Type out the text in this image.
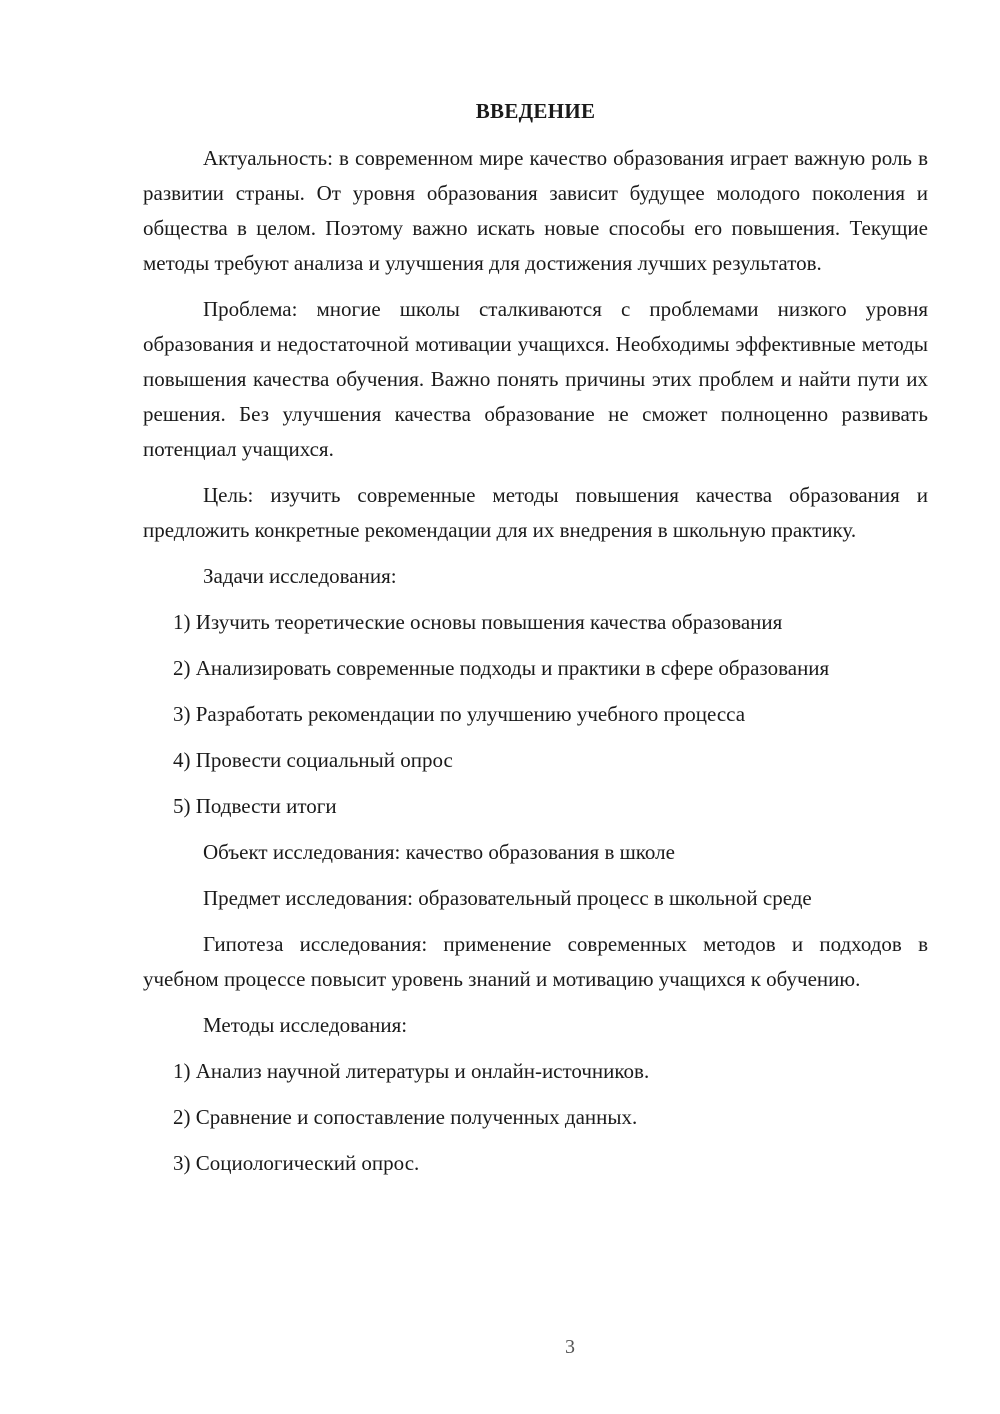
ВВЕДЕНИЕ

Актуальность: в современном мире качество образования играет важную роль в развитии страны. От уровня образования зависит будущее молодого поколения и общества в целом. Поэтому важно искать новые способы его повышения. Текущие методы требуют анализа и улучшения для достижения лучших результатов.

Проблема: многие школы сталкиваются с проблемами низкого уровня образования и недостаточной мотивации учащихся. Необходимы эффективные методы повышения качества обучения. Важно понять причины этих проблем и найти пути их решения. Без улучшения качества образование не сможет полноценно развивать потенциал учащихся.

Цель: изучить современные методы повышения качества образования и предложить конкретные рекомендации для их внедрения в школьную практику.

Задачи исследования:

1) Изучить теоретические основы повышения качества образования

2) Анализировать современные подходы и практики в сфере образования

3) Разработать рекомендации по улучшению учебного процесса

4) Провести социальный опрос

5) Подвести итоги

Объект исследования: качество образования в школе

Предмет исследования: образовательный процесс в школьной среде

Гипотеза исследования: применение современных методов и подходов в учебном процессе повысит уровень знаний и мотивацию учащихся к обучению.

Методы исследования:

1) Анализ научной литературы и онлайн-источников.

2) Сравнение и сопоставление полученных данных.

3) Социологический опрос.

3
